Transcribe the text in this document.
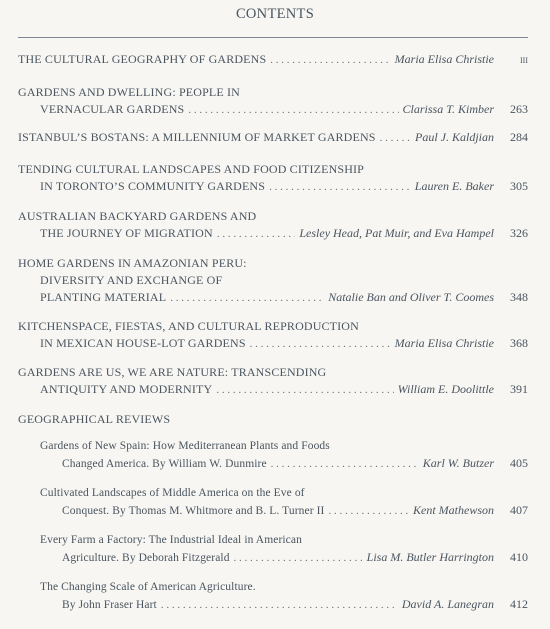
CONTENTS
THE CULTURAL GEOGRAPHY OF GARDENS . . .	Maria Elisa Christie	iii
GARDENS AND DWELLING: PEOPLE IN
VERNACULAR GARDENS . . .	Clarissa T. Kimber	263
ISTANBUL’S BOSTANS: A MILLENNIUM OF MARKET GARDENS . . .	Paul J. Kaldjian	284
TENDING CULTURAL LANDSCAPES AND FOOD CITIZENSHIP
IN TORONTO’S COMMUNITY GARDENS . . .	Lauren E. Baker	305
AUSTRALIAN BACKYARD GARDENS AND
THE JOURNEY OF MIGRATION . . .	Lesley Head, Pat Muir, and Eva Hampel	326
HOME GARDENS IN AMAZONIAN PERU:
DIVERSITY AND EXCHANGE OF
PLANTING MATERIAL . . .	Natalie Ban and Oliver T. Coomes	348
KITCHENSPACE, FIESTAS, AND CULTURAL REPRODUCTION
IN MEXICAN HOUSE-LOT GARDENS . . .	Maria Elisa Christie	368
GARDENS ARE US, WE ARE NATURE: TRANSCENDING
ANTIQUITY AND MODERNITY . . .	William E. Doolittle	391
GEOGRAPHICAL REVIEWS
Gardens of New Spain: How Mediterranean Plants and Foods
Changed America. By William W. Dunmire . . .	Karl W. Butzer	405
Cultivated Landscapes of Middle America on the Eve of
Conquest. By Thomas M. Whitmore and B. L. Turner II . . .	Kent Mathewson	407
Every Farm a Factory: The Industrial Ideal in American
Agriculture. By Deborah Fitzgerald . . .	Lisa M. Butler Harrington	410
The Changing Scale of American Agriculture.
By John Fraser Hart . . .	David A. Lanegran	412
